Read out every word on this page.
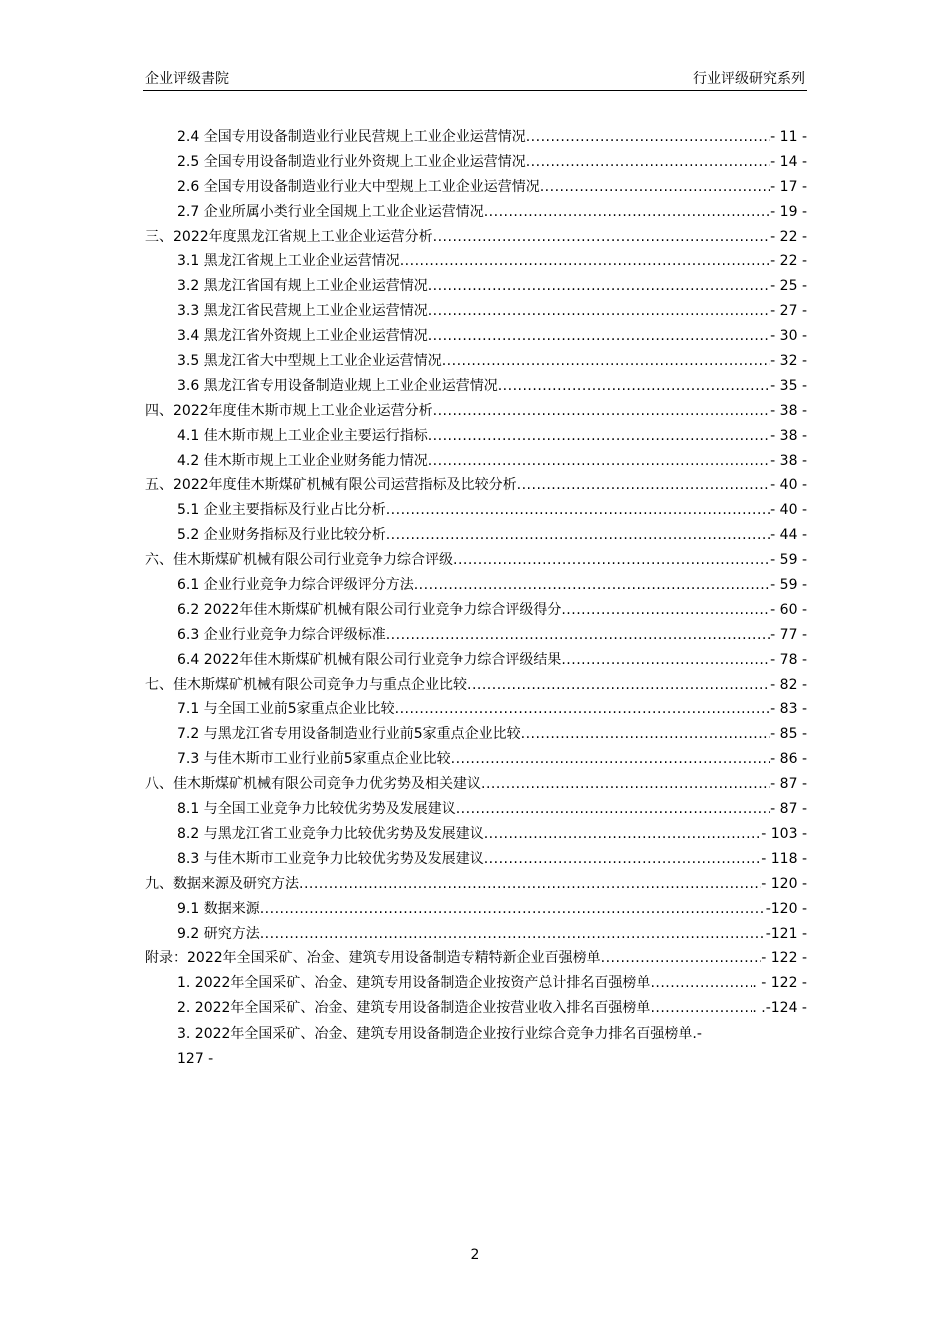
企业评级書院	行业评级研究系列
2.4 全国专用设备制造业行业民营规上工业企业运营情况 .....	- 11 -
2.5 全国专用设备制造业行业外资规上工业企业运营情况 .....	- 14 -
2.6 全国专用设备制造业行业大中型规上工业企业运营情况 .....	- 17 -
2.7 企业所属小类行业全国规上工业企业运营情况 .....	- 19 -
三、2022年度黑龙江省规上工业企业运营分析 .....	- 22 -
3.1 黑龙江省规上工业企业运营情况 .....	- 22 -
3.2 黑龙江省国有规上工业企业运营情况 .....	- 25 -
3.3 黑龙江省民营规上工业企业运营情况 .....	- 27 -
3.4 黑龙江省外资规上工业企业运营情况 .....	- 30 -
3.5 黑龙江省大中型规上工业企业运营情况 .....	- 32 -
3.6 黑龙江省专用设备制造业规上工业企业运营情况 .....	- 35 -
四、2022年度佳木斯市规上工业企业运营分析 .....	- 38 -
4.1 佳木斯市规上工业企业主要运行指标 .....	- 38 -
4.2 佳木斯市规上工业企业财务能力情况 .....	- 38 -
五、2022年度佳木斯煤矿机械有限公司运营指标及比较分析 .....	- 40 -
5.1 企业主要指标及行业占比分析 .....	- 40 -
5.2 企业财务指标及行业比较分析 .....	- 44 -
六、佳木斯煤矿机械有限公司行业竞争力综合评级 .....	- 59 -
6.1 企业行业竞争力综合评级评分方法 .....	- 59 -
6.2 2022年佳木斯煤矿机械有限公司行业竞争力综合评级得分 .....	- 60 -
6.3 企业行业竞争力综合评级标准 .....	- 77 -
6.4 2022年佳木斯煤矿机械有限公司行业竞争力综合评级结果 .....	- 78 -
七、佳木斯煤矿机械有限公司竞争力与重点企业比较 .....	- 82 -
7.1 与全国工业前5家重点企业比较 .....	- 83 -
7.2 与黑龙江省专用设备制造业行业前5家重点企业比较 .....	- 85 -
7.3 与佳木斯市工业行业前5家重点企业比较 .....	- 86 -
八、佳木斯煤矿机械有限公司竞争力优劣势及相关建议 .....	- 87 -
8.1 与全国工业竞争力比较优劣势及发展建议 .....	- 87 -
8.2 与黑龙江省工业竞争力比较优劣势及发展建议 .....	- 103 -
8.3 与佳木斯市工业竞争力比较优劣势及发展建议 .....	- 118 -
九、数据来源及研究方法 .....	- 120 -
9.1 数据来源 .....	-120 -
9.2 研究方法 .....	-121 -
附录：2022年全国采矿、冶金、建筑专用设备制造专精特新企业百强榜单 .....	- 122 -
1. 2022年全国采矿、冶金、建筑专用设备制造企业按资产总计排名百强榜单 .....	. - 122 -
2. 2022年全国采矿、冶金、建筑专用设备制造企业按营业收入排名百强榜单 .....	. .-124 -
3. 2022年全国采矿、冶金、建筑专用设备制造企业按行业综合竞争力排名百强榜单.-
127 -
2
